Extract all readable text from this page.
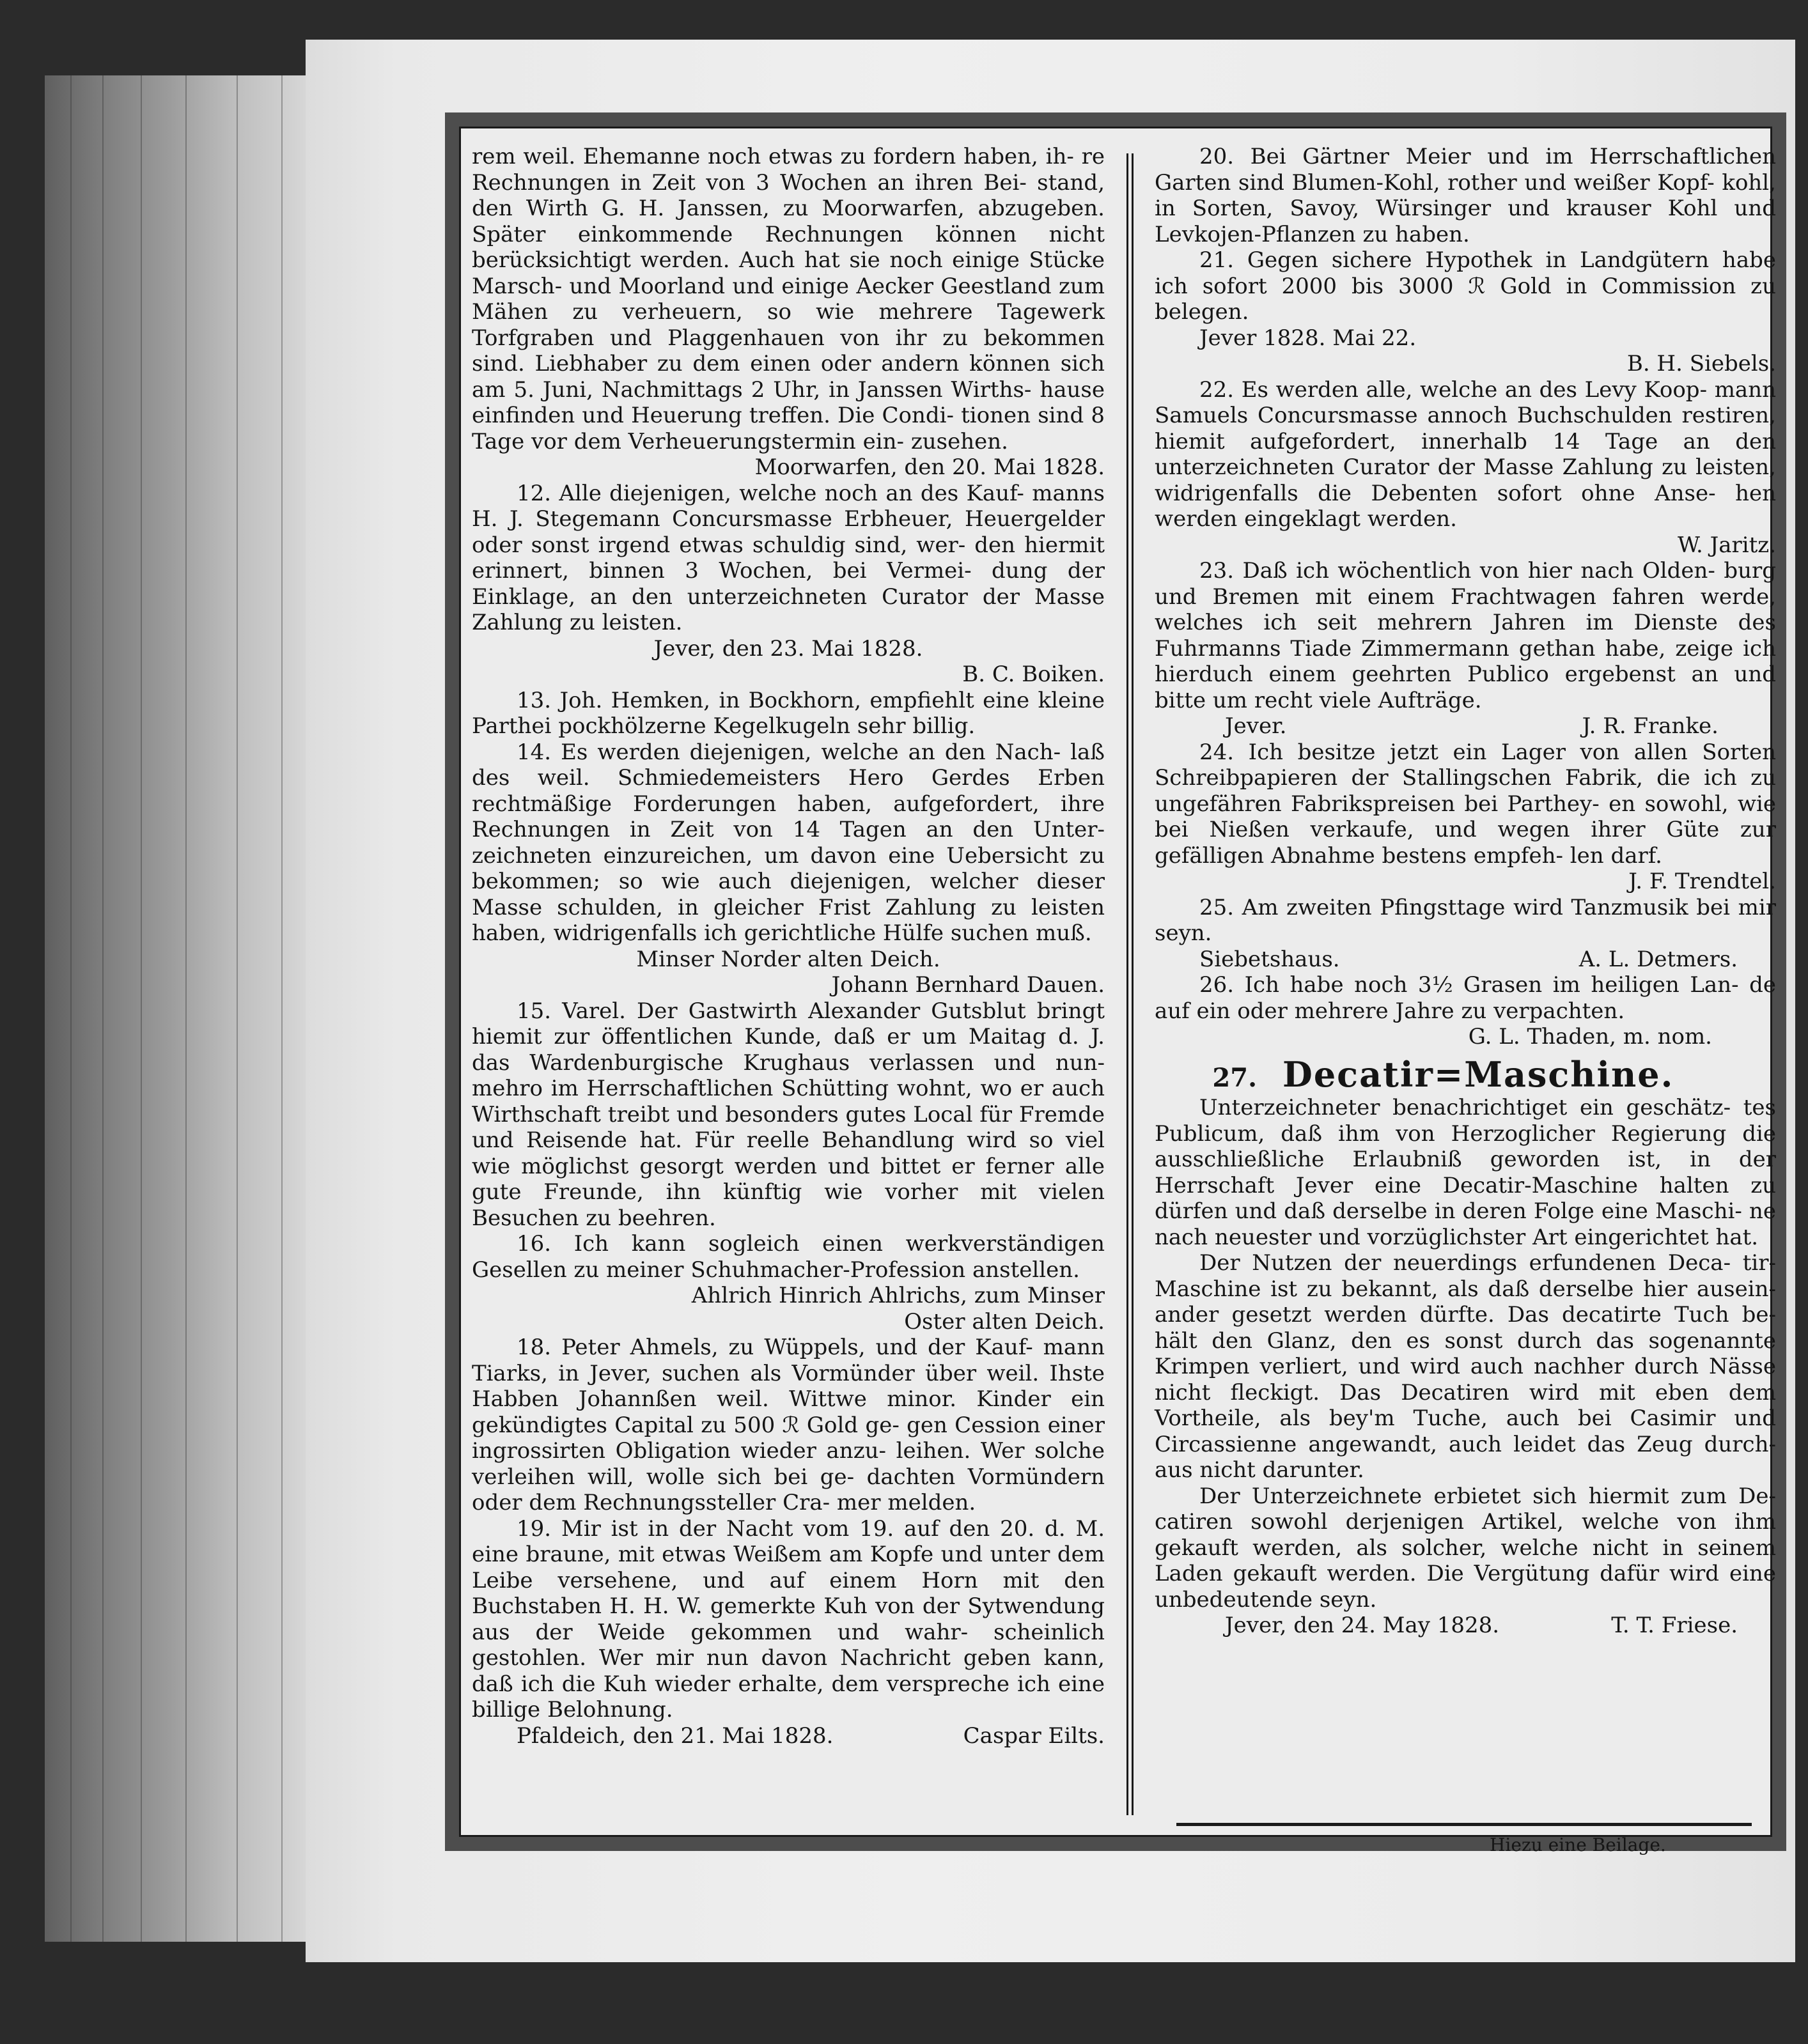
rem weil. Ehemanne noch etwas zu fordern haben, ih- re Rechnungen in Zeit von 3 Wochen an ihren Bei- stand, den Wirth G. H. Janssen, zu Moorwarfen, abzugeben. Später einkommende Rechnungen können nicht berücksichtigt werden. Auch hat sie noch einige Stücke Marsch- und Moorland und einige Aecker Geestland zum Mähen zu verheuern, so wie mehrere Tagewerk Torfgraben und Plaggenhauen von ihr zu bekommen sind. Liebhaber zu dem einen oder andern können sich am 5. Juni, Nachmittags 2 Uhr, in Janssen Wirths- hause einfinden und Heuerung treffen. Die Condi- tionen sind 8 Tage vor dem Verheuerungstermin ein- zusehen.

Moorwarfen, den 20. Mai 1828.

12. Alle diejenigen, welche noch an des Kauf- manns H. J. Stegemann Concursmasse Erbheuer, Heuergelder oder sonst irgend etwas schuldig sind, wer- den hiermit erinnert, binnen 3 Wochen, bei Vermei- dung der Einklage, an den unterzeichneten Curator der Masse Zahlung zu leisten.

Jever, den 23. Mai 1828.

B. C. Boiken.

13. Joh. Hemken, in Bockhorn, empfiehlt eine kleine Parthei pockhölzerne Kegelkugeln sehr billig.

14. Es werden diejenigen, welche an den Nach- laß des weil. Schmiedemeisters Hero Gerdes Erben rechtmäßige Forderungen haben, aufgefordert, ihre Rechnungen in Zeit von 14 Tagen an den Unter- zeichneten einzureichen, um davon eine Uebersicht zu bekommen; so wie auch diejenigen, welcher dieser Masse schulden, in gleicher Frist Zahlung zu leisten haben, widrigenfalls ich gerichtliche Hülfe suchen muß.

Minser Norder alten Deich.

Johann Bernhard Dauen.

15. Varel. Der Gastwirth Alexander Gutsblut bringt hiemit zur öffentlichen Kunde, daß er um Maitag d. J. das Wardenburgische Krughaus verlassen und nun- mehro im Herrschaftlichen Schütting wohnt, wo er auch Wirthschaft treibt und besonders gutes Local für Fremde und Reisende hat. Für reelle Behandlung wird so viel wie möglichst gesorgt werden und bittet er ferner alle gute Freunde, ihn künftig wie vorher mit vielen Besuchen zu beehren.

16. Ich kann sogleich einen werkverständigen Gesellen zu meiner Schuhmacher-Profession anstellen.

Ahlrich Hinrich Ahlrichs, zum Minser

Oster alten Deich.

18. Peter Ahmels, zu Wüppels, und der Kauf- mann Tiarks, in Jever, suchen als Vormünder über weil. Ihste Habben Johannßen weil. Wittwe minor. Kinder ein gekündigtes Capital zu 500 ℛ Gold ge- gen Cession einer ingrossirten Obligation wieder anzu- leihen. Wer solche verleihen will, wolle sich bei ge- dachten Vormündern oder dem Rechnungssteller Cra- mer melden.

19. Mir ist in der Nacht vom 19. auf den 20. d. M. eine braune, mit etwas Weißem am Kopfe und unter dem Leibe versehene, und auf einem Horn mit den Buchstaben H. H. W. gemerkte Kuh von der Sytwendung aus der Weide gekommen und wahr- scheinlich gestohlen. Wer mir nun davon Nachricht geben kann, daß ich die Kuh wieder erhalte, dem verspreche ich eine billige Belohnung.

Pfaldeich, den 21. Mai 1828.	Caspar Eilts.

20. Bei Gärtner Meier und im Herrschaftlichen Garten sind Blumen-Kohl, rother und weißer Kopf- kohl, in Sorten, Savoy, Würsinger und krauser Kohl und Levkojen-Pflanzen zu haben.

21. Gegen sichere Hypothek in Landgütern habe ich sofort 2000 bis 3000 ℛ Gold in Commission zu belegen.

Jever 1828. Mai 22.

B. H. Siebels.

22. Es werden alle, welche an des Levy Koop- mann Samuels Concursmasse annoch Buchschulden restiren, hiemit aufgefordert, innerhalb 14 Tage an den unterzeichneten Curator der Masse Zahlung zu leisten, widrigenfalls die Debenten sofort ohne Anse- hen werden eingeklagt werden.

W. Jaritz.

23. Daß ich wöchentlich von hier nach Olden- burg und Bremen mit einem Frachtwagen fahren werde, welches ich seit mehrern Jahren im Dienste des Fuhrmanns Tiade Zimmermann gethan habe, zeige ich hierduch einem geehrten Publico ergebenst an und bitte um recht viele Aufträge.

Jever.	J. R. Franke.

24. Ich besitze jetzt ein Lager von allen Sorten Schreibpapieren der Stallingschen Fabrik, die ich zu ungefähren Fabrikspreisen bei Parthey- en sowohl, wie bei Nießen verkaufe, und wegen ihrer Güte zur gefälligen Abnahme bestens empfeh- len darf.

J. F. Trendtel.

25. Am zweiten Pfingsttage wird Tanzmusik bei mir seyn.

Siebetshaus.	A. L. Detmers.

26. Ich habe noch 3½ Grasen im heiligen Lan- de auf ein oder mehrere Jahre zu verpachten.

G. L. Thaden, m. nom.

27. Decatir=Maschine.

Unterzeichneter benachrichtiget ein geschätz- tes Publicum, daß ihm von Herzoglicher Regierung die ausschließliche Erlaubniß geworden ist, in der Herrschaft Jever eine Decatir-Maschine halten zu dürfen und daß derselbe in deren Folge eine Maschi- ne nach neuester und vorzüglichster Art eingerichtet hat.

Der Nutzen der neuerdings erfundenen Deca- tir-Maschine ist zu bekannt, als daß derselbe hier ausein- ander gesetzt werden dürfte. Das decatirte Tuch be- hält den Glanz, den es sonst durch das sogenannte Krimpen verliert, und wird auch nachher durch Nässe nicht fleckigt. Das Decatiren wird mit eben dem Vortheile, als bey'm Tuche, auch bei Casimir und Circassienne angewandt, auch leidet das Zeug durch- aus nicht darunter.

Der Unterzeichnete erbietet sich hiermit zum De- catiren sowohl derjenigen Artikel, welche von ihm gekauft werden, als solcher, welche nicht in seinem Laden gekauft werden. Die Vergütung dafür wird eine unbedeutende seyn.

Jever, den 24. May 1828.	T. T. Friese.
Hiezu eine Beilage.
